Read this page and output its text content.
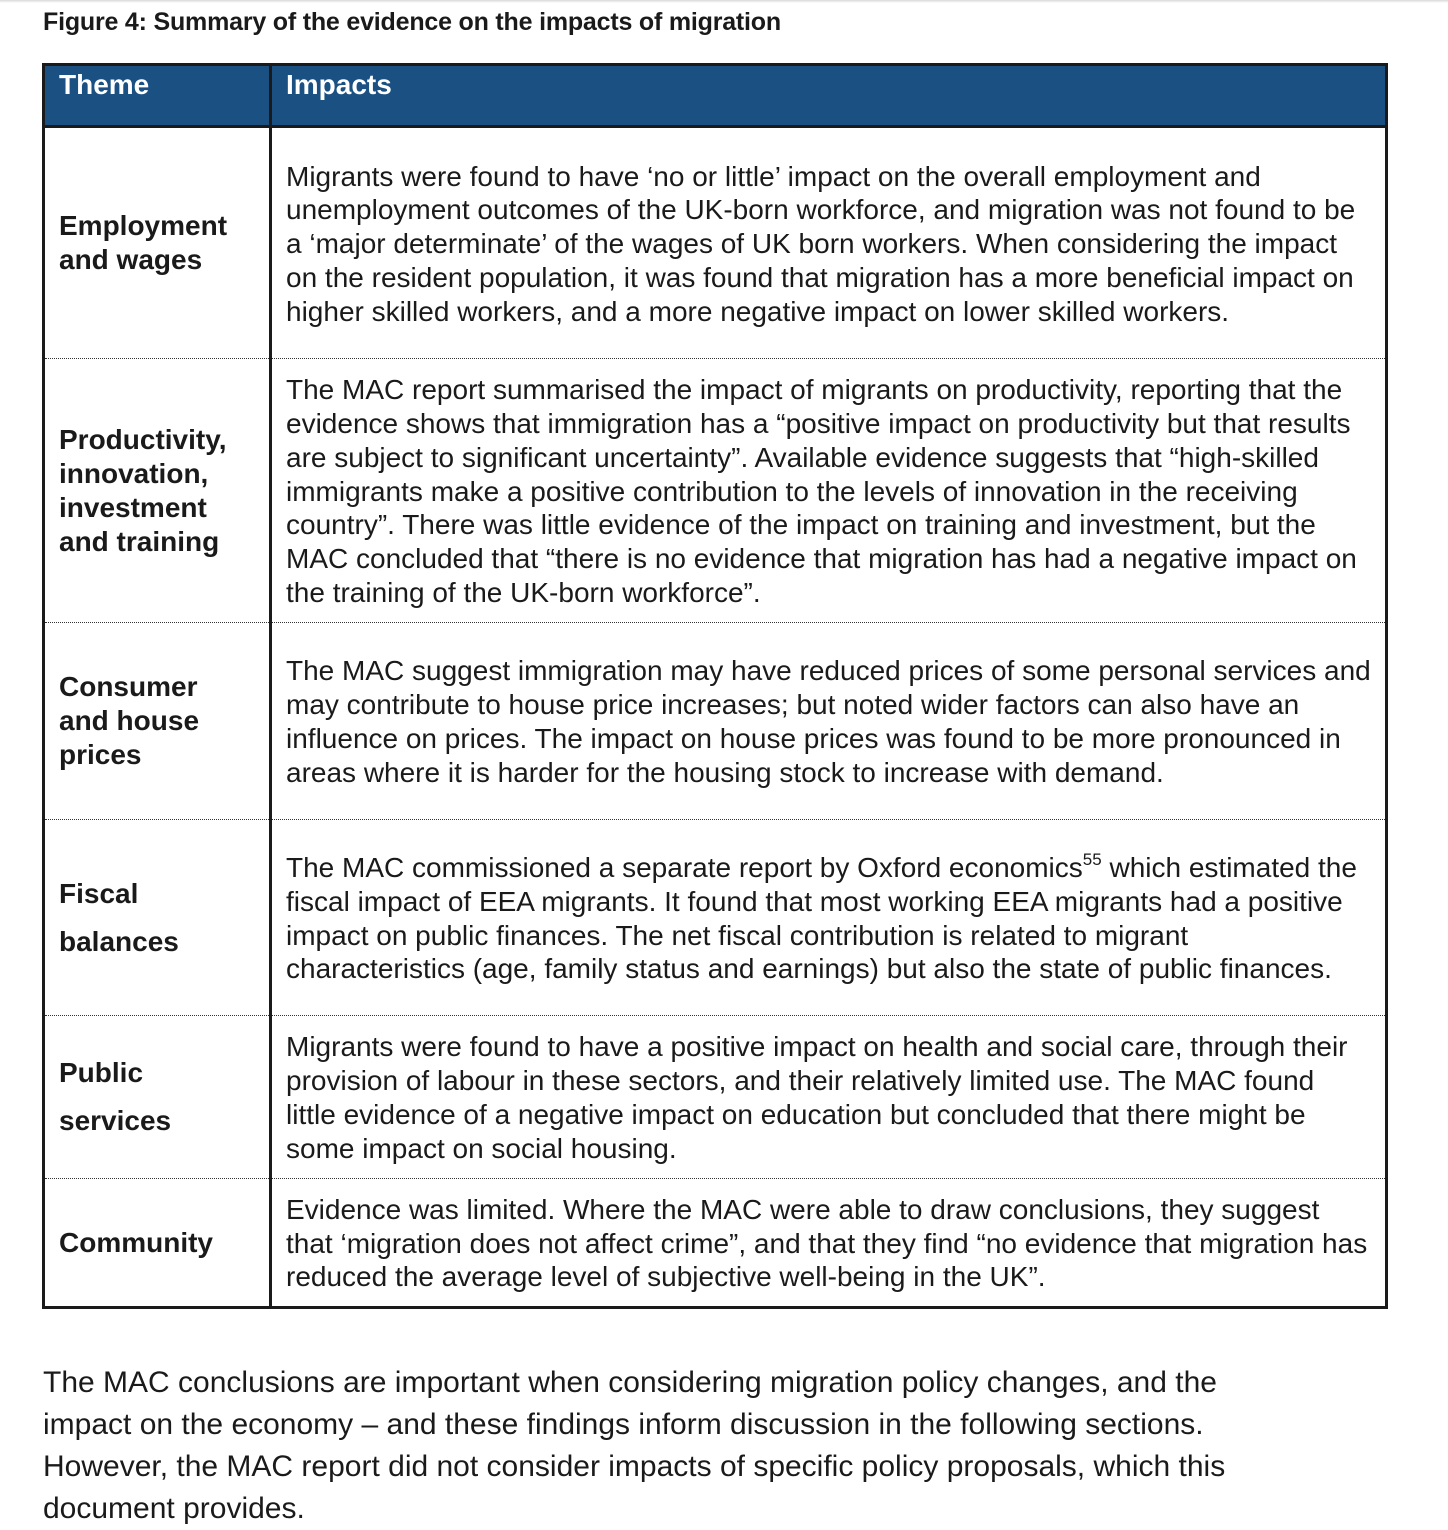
Figure 4: Summary of the evidence on the impacts of migration
Theme	Impacts
Employment and wages	Migrants were found to have ‘no or little’ impact on the overall employment and unemployment outcomes of the UK-born workforce, and migration was not found to be a ‘major determinate’ of the wages of UK born workers. When considering the impact on the resident population, it was found that migration has a more beneficial impact on higher skilled workers, and a more negative impact on lower skilled workers.
Productivity, innovation, investment and training	The MAC report summarised the impact of migrants on productivity, reporting that the evidence shows that immigration has a “positive impact on productivity but that results are subject to significant uncertainty”. Available evidence suggests that “high-skilled immigrants make a positive contribution to the levels of innovation in the receiving country”. There was little evidence of the impact on training and investment, but the MAC concluded that “there is no evidence that migration has had a negative impact on the training of the UK-born workforce”.
Consumer and house prices	The MAC suggest immigration may have reduced prices of some personal services and may contribute to house price increases; but noted wider factors can also have an influence on prices. The impact on house prices was found to be more pronounced in areas where it is harder for the housing stock to increase with demand.
Fiscal balances	The MAC commissioned a separate report by Oxford economics$^{55}$ which estimated the fiscal impact of EEA migrants. It found that most working EEA migrants had a positive impact on public finances. The net fiscal contribution is related to migrant characteristics (age, family status and earnings) but also the state of public finances.
Public services	Migrants were found to have a positive impact on health and social care, through their provision of labour in these sectors, and their relatively limited use. The MAC found little evidence of a negative impact on education but concluded that there might be some impact on social housing.
Community	Evidence was limited. Where the MAC were able to draw conclusions, they suggest that ‘migration does not affect crime”, and that they find “no evidence that migration has reduced the average level of subjective well-being in the UK”.

The MAC conclusions are important when considering migration policy changes, and the impact on the economy – and these findings inform discussion in the following sections. However, the MAC report did not consider impacts of specific policy proposals, which this document provides.
